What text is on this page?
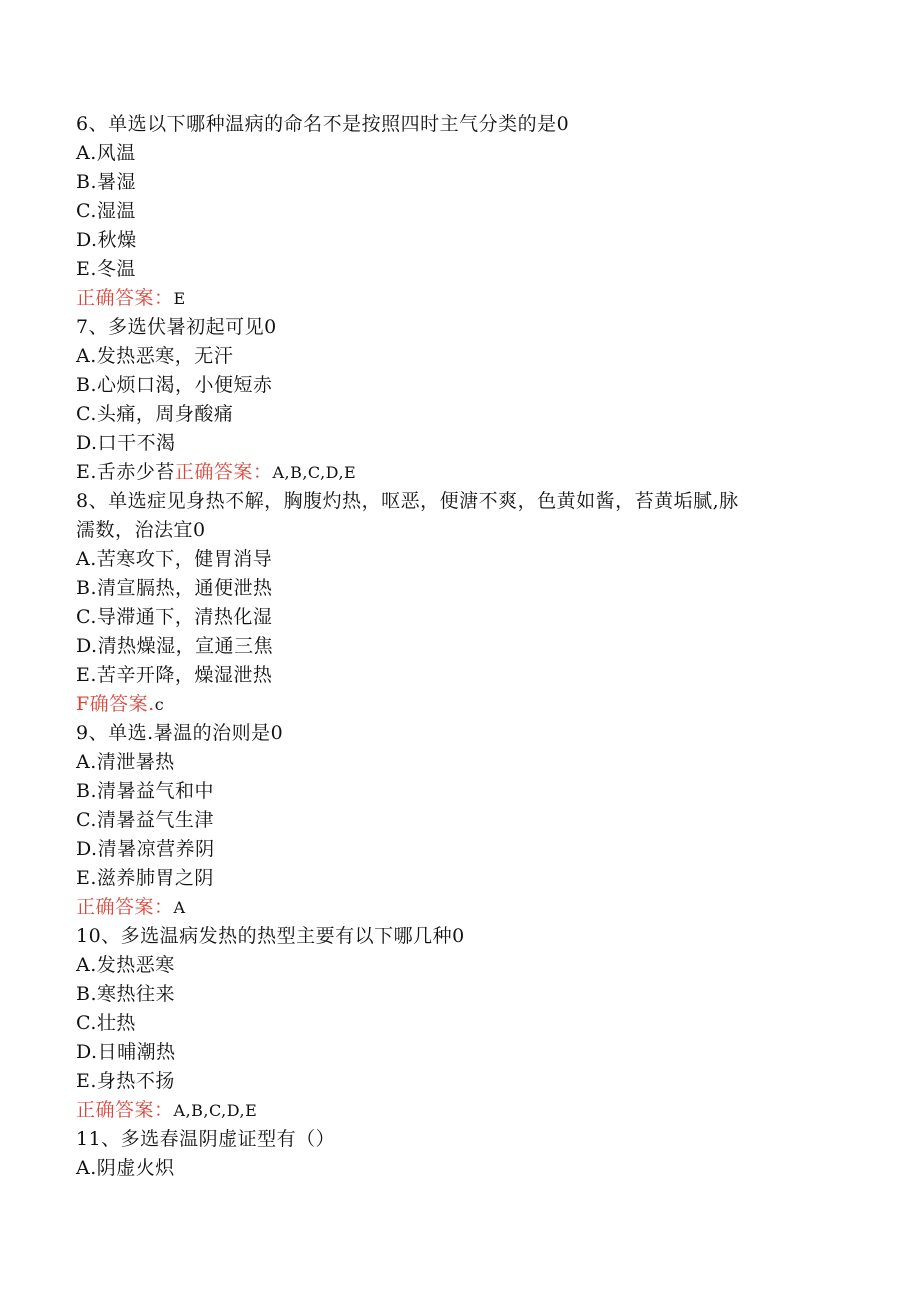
6、单选以下哪种温病的命名不是按照四时主气分类的是0
A.风温
B.暑湿
C.湿温
D.秋燥
E.冬温
正确答案：E
7、多选伏暑初起可见0
A.发热恶寒，无汗
B.心烦口渴，小便短赤
C.头痛，周身酸痛
D.口干不渴
E.舌赤少苔正确答案：A,B,C,D,E
8、单选症见身热不解，胸腹灼热，呕恶，便溏不爽，色黄如酱，苔黄垢腻,脉
濡数，治法宜0
A.苦寒攻下，健胃消导
B.清宣膈热，通便泄热
C.导滞通下，清热化湿
D.清热燥湿，宣通三焦
E.苦辛开降，燥湿泄热
F确答案.c
9、单选.暑温的治则是0
A.清泄暑热
B.清暑益气和中
C.清暑益气生津
D.清暑凉营养阴
E.滋养肺胃之阴
正确答案：A
10、多选温病发热的热型主要有以下哪几种0
A.发热恶寒
B.寒热往来
C.壮热
D.日晡潮热
E.身热不扬
正确答案：A,B,C,D,E
11、多选春温阴虚证型有（）
A.阴虚火炽
